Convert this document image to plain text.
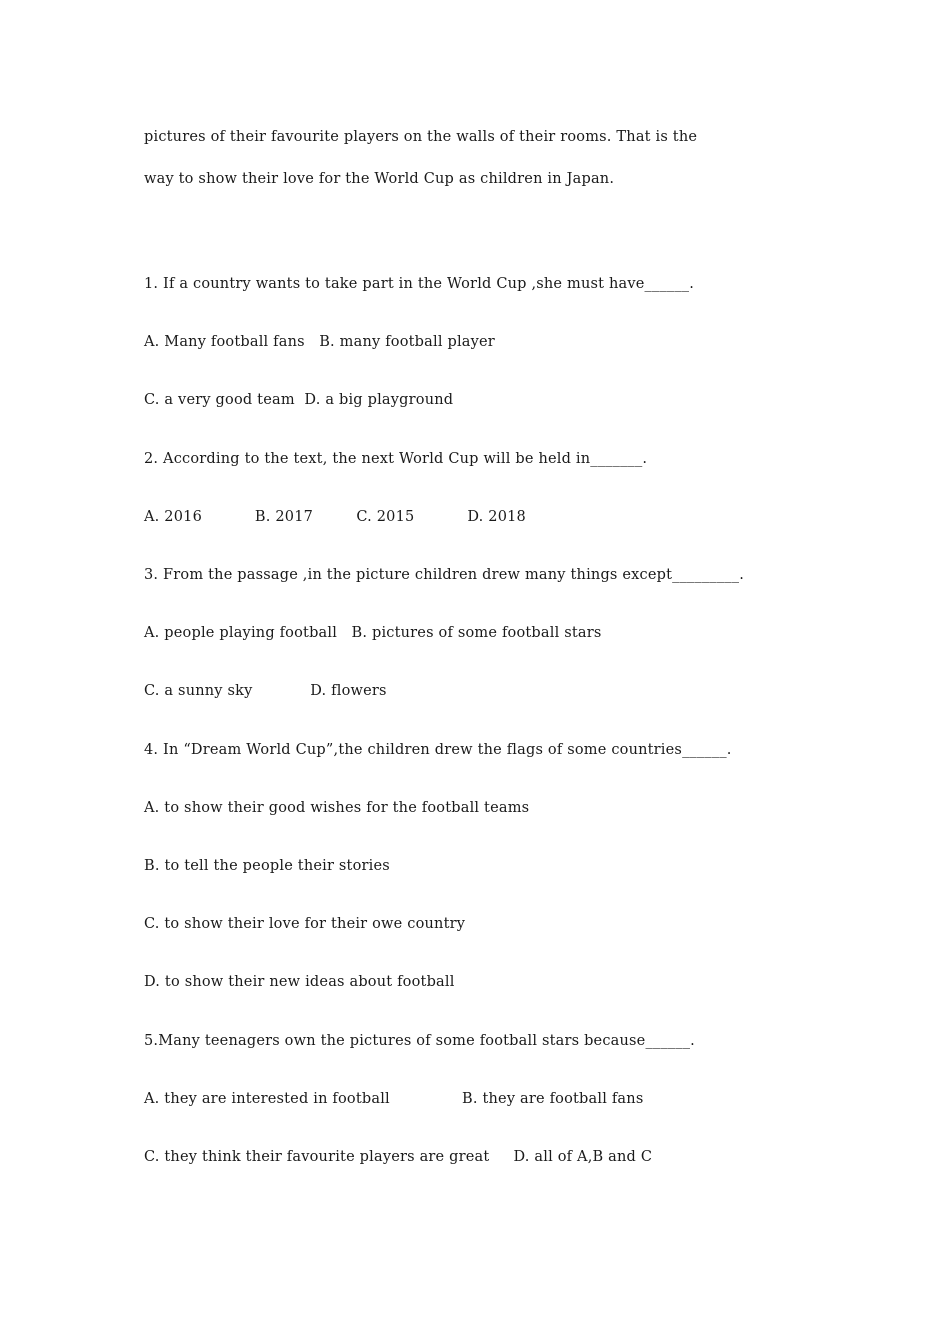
pictures of their favourite players on the walls of their rooms. That is the

way to show their love for the World Cup as children in Japan.

1. If a country wants to take part in the World Cup ,she must have______.

A. Many football fans   B. many football player

C. a very good team  D. a big playground

2. According to the text, the next World Cup will be held in_______.

A. 2016           B. 2017         C. 2015           D. 2018

3. From the passage ,in the picture children drew many things except_________.

A. people playing football   B. pictures of some football stars

C. a sunny sky            D. flowers

4. In “Dream World Cup”,the children drew the flags of some countries______.

A. to show their good wishes for the football teams

B. to tell the people their stories

C. to show their love for their owe country

D. to show their new ideas about football

5.Many teenagers own the pictures of some football stars because______.

A. they are interested in football               B. they are football fans

C. they think their favourite players are great     D. all of A,B and C
